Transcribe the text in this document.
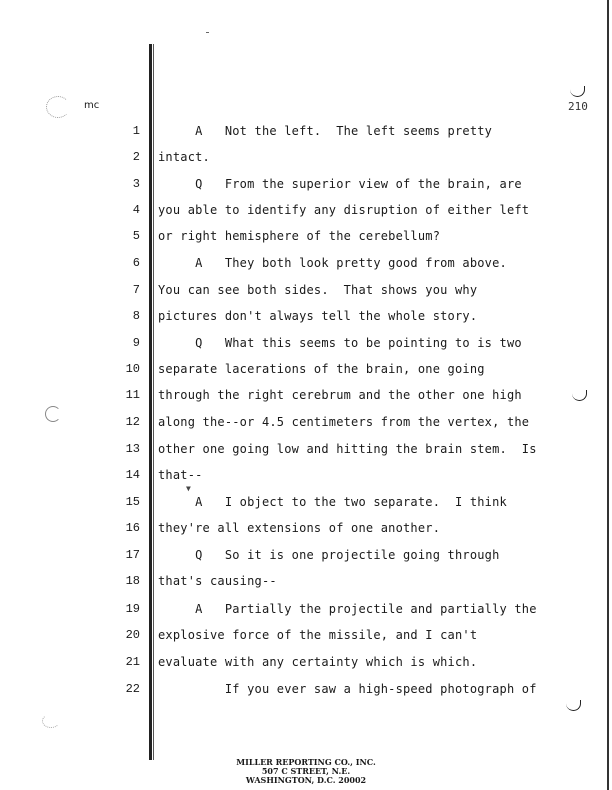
mc	210
▼
1 A   Not the left.  The left seems pretty
2 intact.
3 Q   From the superior view of the brain, are
4 you able to identify any disruption of either left
5 or right hemisphere of the cerebellum?
6 A   They both look pretty good from above.
7 You can see both sides.  That shows you why
8 pictures don't always tell the whole story.
9 Q   What this seems to be pointing to is two
10 separate lacerations of the brain, one going
11 through the right cerebrum and the other one high
12 along the--or 4.5 centimeters from the vertex, the
13 other one going low and hitting the brain stem.  Is
14 that--
15 A   I object to the two separate.  I think
16 they're all extensions of one another.
17 Q   So it is one projectile going through
18 that's causing--
19 A   Partially the projectile and partially the
20 explosive force of the missile, and I can't
21 evaluate with any certainty which is which.
22 If you ever saw a high-speed photograph of
MILLER REPORTING CO., INC.
507 C STREET, N.E.
WASHINGTON, D.C. 20002
